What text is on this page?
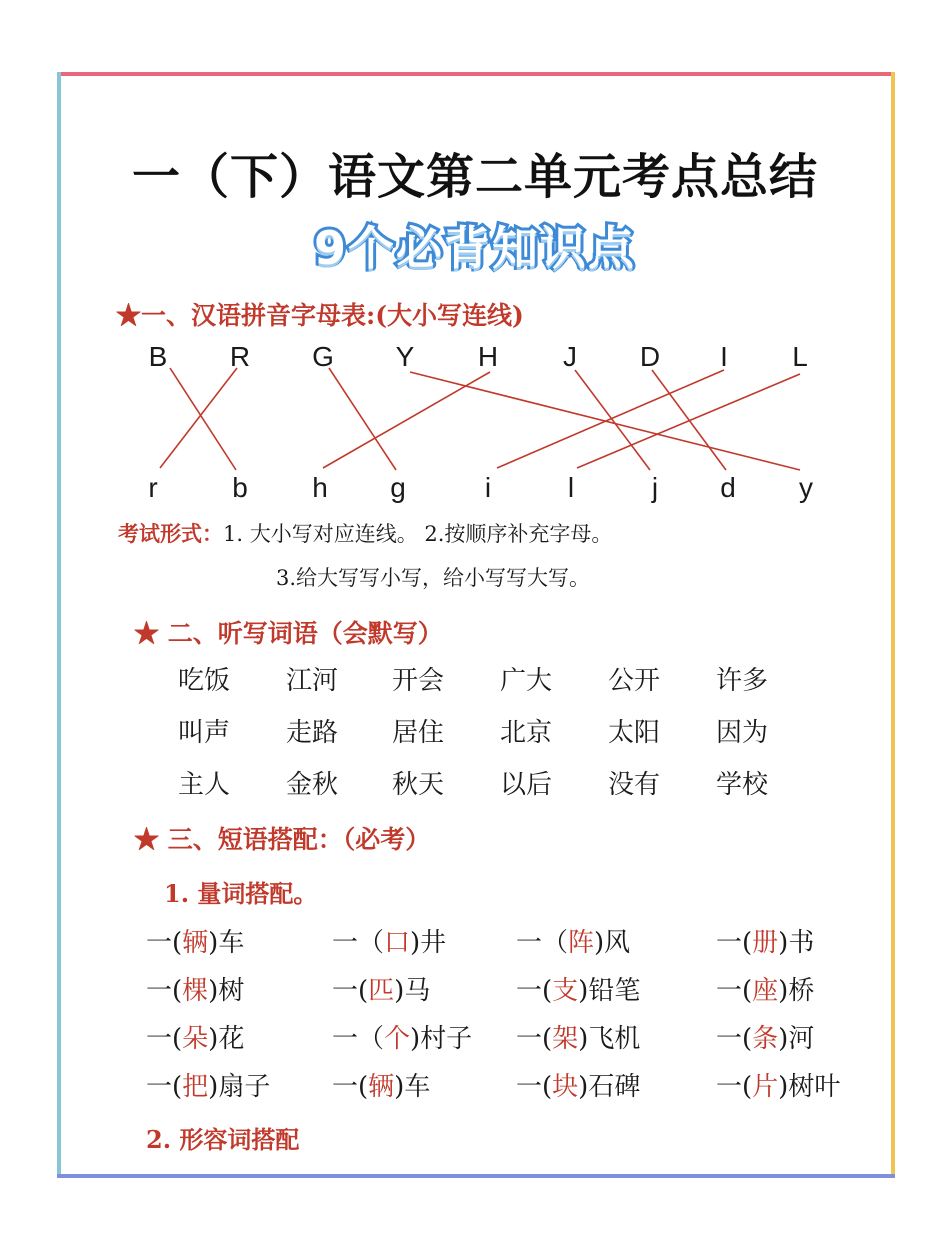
一（下）语文第二单元考点总结
9个必背知识点
★一、汉语拼音字母表:(大小写连线)
B R G Y H J D I L
r	b h g	i	l	j d y
考试形式：1. 大小写对应连线。 2.按顺序补充字母。
3.给大写写小写，给小写写大写。
★ 二、听写词语（会默写）
吃饭 江河 开会 广大 公开 许多
叫声 走路 居住 北京 太阳 因为
主人 金秋 秋天 以后 没有 学校
★ 三、短语搭配：（必考）
1. 量词搭配。
一(辆)车	一（口)井	一（阵)风	一(册)书
一(棵)树	一(匹)马	一(支)铅笔	一(座)桥
一(朵)花	一（个)村子 一(架)飞机	一(条)河
一(把)扇子 一(辆)车	一(块)石碑	一(片)树叶
2. 形容词搭配
